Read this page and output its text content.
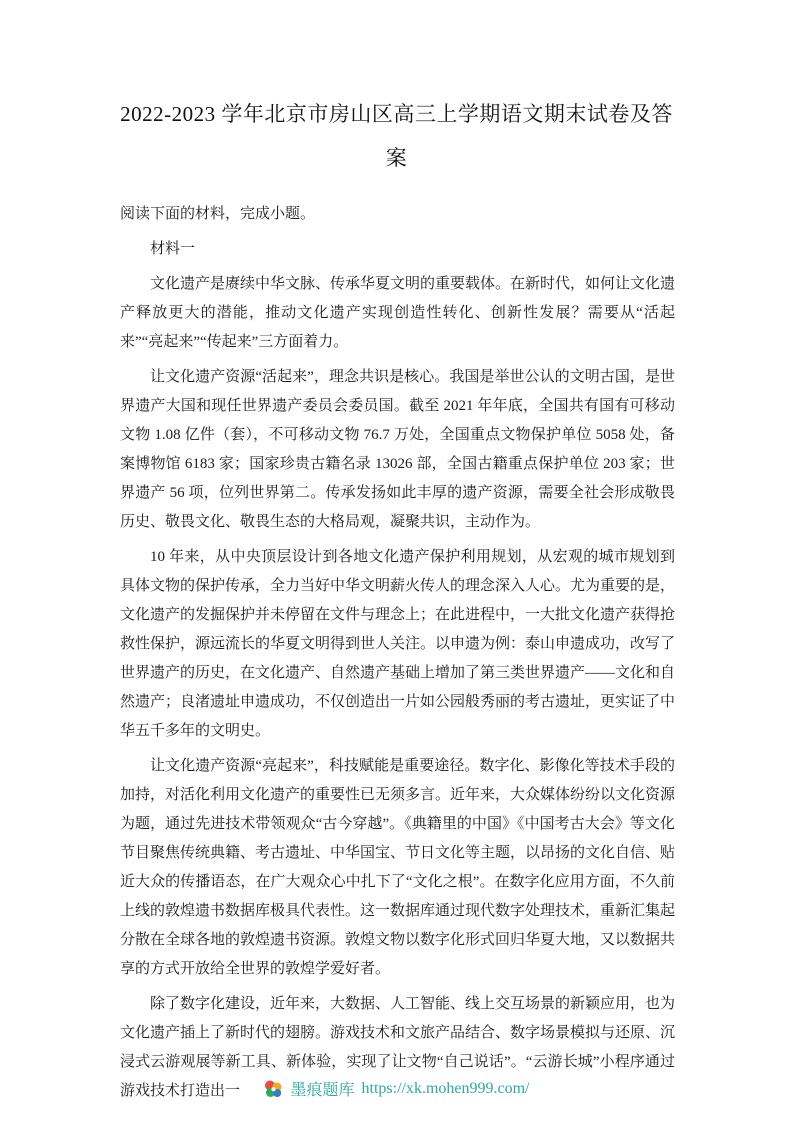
2022-2023 学年北京市房山区高三上学期语文期末试卷及答案

阅读下面的材料，完成小题。

材料一

文化遗产是赓续中华文脉、传承华夏文明的重要载体。在新时代，如何让文化遗产释放更大的潜能，推动文化遗产实现创造性转化、创新性发展？需要从“活起来”“亮起来”“传起来”三方面着力。

让文化遗产资源“活起来”，理念共识是核心。我国是举世公认的文明古国，是世界遗产大国和现任世界遗产委员会委员国。截至 2021 年年底，全国共有国有可移动文物 1.08 亿件（套），不可移动文物 76.7 万处，全国重点文物保护单位 5058 处，备案博物馆 6183 家；国家珍贵古籍名录 13026 部，全国古籍重点保护单位 203 家；世界遗产 56 项，位列世界第二。传承发扬如此丰厚的遗产资源，需要全社会形成敬畏历史、敬畏文化、敬畏生态的大格局观，凝聚共识，主动作为。

10 年来，从中央顶层设计到各地文化遗产保护利用规划，从宏观的城市规划到具体文物的保护传承，全力当好中华文明薪火传人的理念深入人心。尤为重要的是，文化遗产的发掘保护并未停留在文件与理念上；在此进程中，一大批文化遗产获得抢救性保护，源远流长的华夏文明得到世人关注。以申遗为例：泰山申遗成功，改写了世界遗产的历史，在文化遗产、自然遗产基础上增加了第三类世界遗产——文化和自然遗产；良渚遗址申遗成功，不仅创造出一片如公园般秀丽的考古遗址，更实证了中华五千多年的文明史。

让文化遗产资源“亮起来”，科技赋能是重要途径。数字化、影像化等技术手段的加持，对活化利用文化遗产的重要性已无须多言。近年来，大众媒体纷纷以文化资源为题，通过先进技术带领观众“古今穿越”。《典籍里的中国》《中国考古大会》等文化节目聚焦传统典籍、考古遗址、中华国宝、节日文化等主题，以昂扬的文化自信、贴近大众的传播语态，在广大观众心中扎下了“文化之根”。在数字化应用方面，不久前上线的敦煌遗书数据库极具代表性。这一数据库通过现代数字处理技术，重新汇集起分散在全球各地的敦煌遗书资源。敦煌文物以数字化形式回归华夏大地，又以数据共享的方式开放给全世界的敦煌学爱好者。

除了数字化建设，近年来，大数据、人工智能、线上交互场景的新颖应用，也为文化遗产插上了新时代的翅膀。游戏技术和文旅产品结合、数字场景模拟与还原、沉浸式云游观展等新工具、新体验，实现了让文物“自己说话”。“云游长城”小程序通过游戏技术打造出一	墨痕题库 https://xk.mohen999.com/
